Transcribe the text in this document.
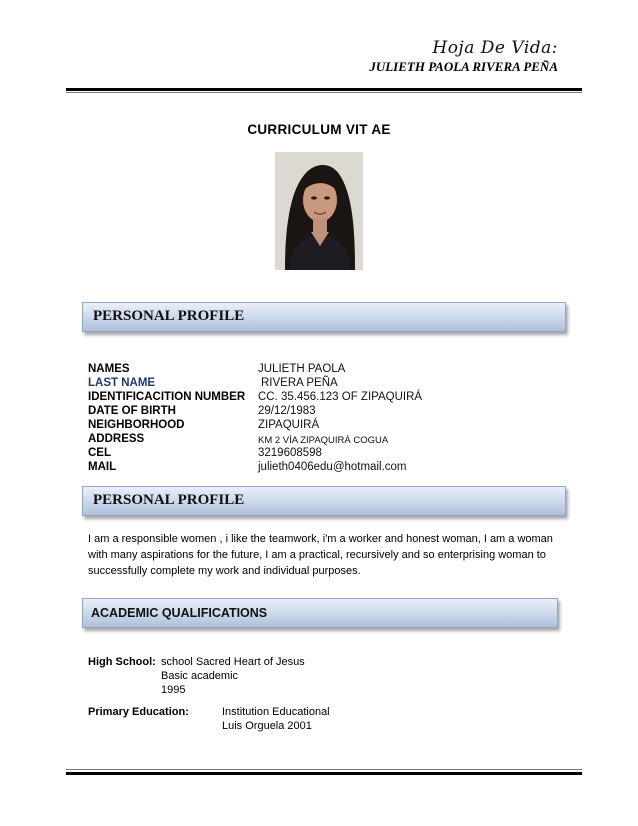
Hoja De Vida:
JULIETH PAOLA RIVERA PEÑA
CURRICULUM VIT AE
PERSONAL PROFILE
NAMES	JULIETH PAOLA
LAST NAME	RIVERA PEÑA
IDENTIFICACITION NUMBER CC. 35.456.123 OF ZIPAQUIRÁ
DATE OF BIRTH	29/12/1983
NEIGHBORHOOD	ZIPAQUIRÁ
ADDRESS	KM 2 VÍA ZIPAQUIRÁ COGUA
CEL	3219608598
MAIL	julieth0406edu@hotmail.com
PERSONAL PROFILE
I am a responsible women , i like the teamwork, i'm a worker and honest woman, I am a woman with many aspirations for the future, I am a practical, recursively and so enterprising woman to successfully complete my work and individual purposes.
ACADEMIC QUALIFICATIONS
High School: school Sacred Heart of Jesus
Basic academic
1995
Primary Education:	Institution Educational
Luis Orguela 2001
